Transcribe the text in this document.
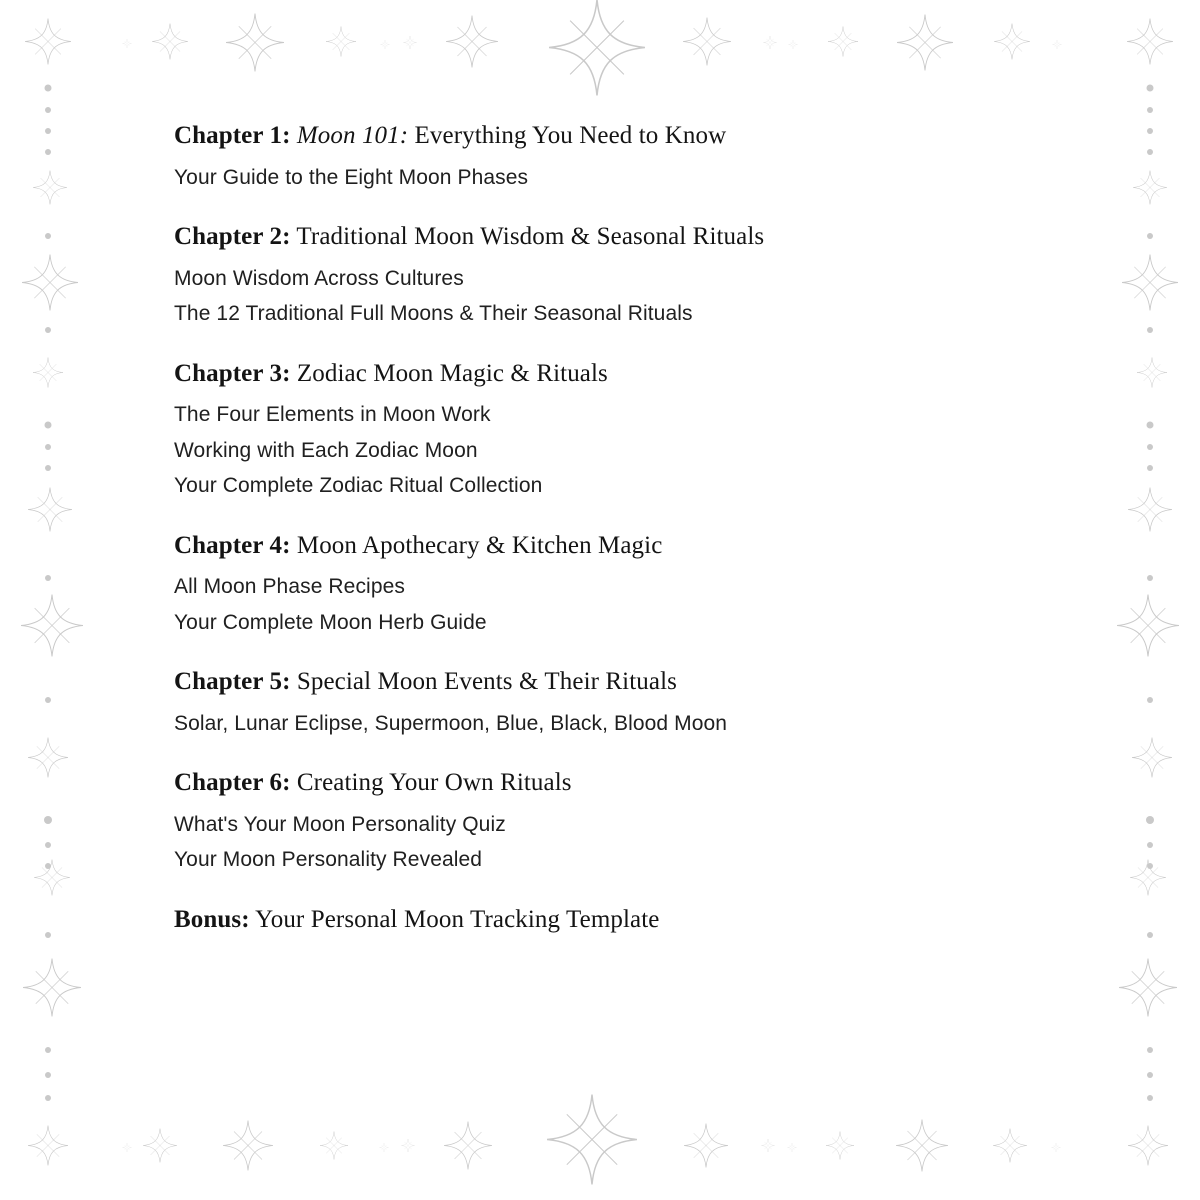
Chapter 1: Moon 101: Everything You Need to Know
Your Guide to the Eight Moon Phases
Chapter 2: Traditional Moon Wisdom & Seasonal Rituals
Moon Wisdom Across Cultures
The 12 Traditional Full Moons & Their Seasonal Rituals
Chapter 3: Zodiac Moon Magic & Rituals
The Four Elements in Moon Work
Working with Each Zodiac Moon
Your Complete Zodiac Ritual Collection
Chapter 4: Moon Apothecary & Kitchen Magic
All Moon Phase Recipes
Your Complete Moon Herb Guide
Chapter 5: Special Moon Events & Their Rituals
Solar, Lunar Eclipse, Supermoon, Blue, Black, Blood Moon
Chapter 6: Creating Your Own Rituals
What's Your Moon Personality Quiz
Your Moon Personality Revealed
Bonus: Your Personal Moon Tracking Template
